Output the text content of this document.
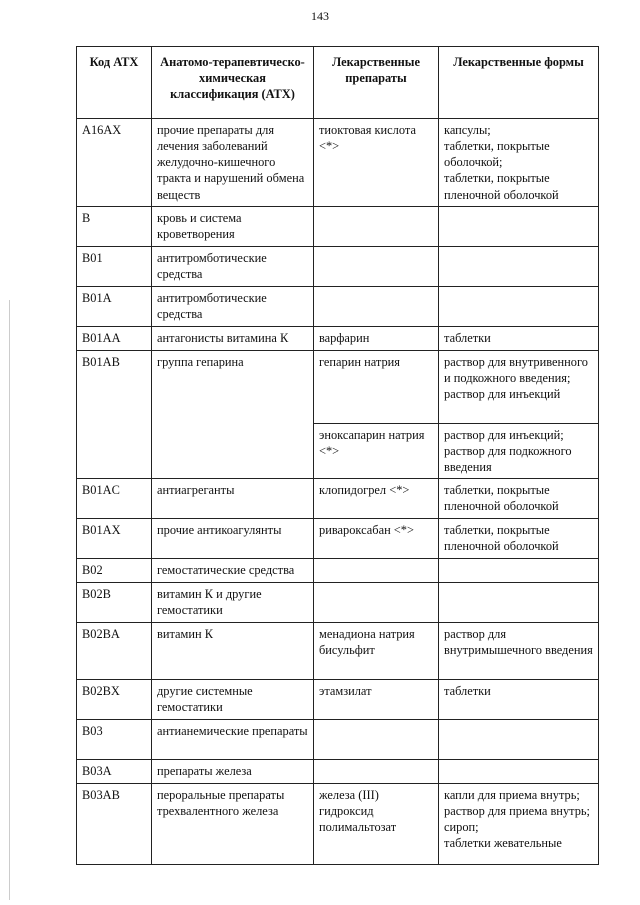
143
Код АТХ	Анатомо-терапевтическо-химическая классификация (АТХ)	Лекарственные препараты	Лекарственные формы
A16AX	прочие препараты для лечения заболеваний желудочно-кишечного тракта и нарушений обмена веществ	тиоктовая кислота <*>	капсулы;
таблетки, покрытые оболочкой;
таблетки, покрытые пленочной оболочкой
B	кровь и система кроветворения		
B01	антитромботические средства		
B01A	антитромботические средства		
B01AA	антагонисты витамина К	варфарин	таблетки
B01AB	группа гепарина	гепарин натрия	раствор для внутривенного и подкожного введения;
раствор для инъекций
		эноксапарин натрия <*>	раствор для инъекций;
раствор для подкожного введения
B01AC	антиагреганты	клопидогрел <*>	таблетки, покрытые пленочной оболочкой
B01AX	прочие антикоагулянты	ривароксабан <*>	таблетки, покрытые пленочной оболочкой
B02	гемостатические средства		
B02B	витамин К и другие гемостатики		
B02BA	витамин К	менадиона натрия бисульфит	раствор для внутримышечного введения
B02BX	другие системные гемостатики	этамзилат	таблетки
B03	антианемические препараты		
B03A	препараты железа		
B03AB	пероральные препараты трехвалентного железа	железа (III) гидроксид полимальтозат	капли для приема внутрь;
раствор для приема внутрь;
сироп;
таблетки жевательные
